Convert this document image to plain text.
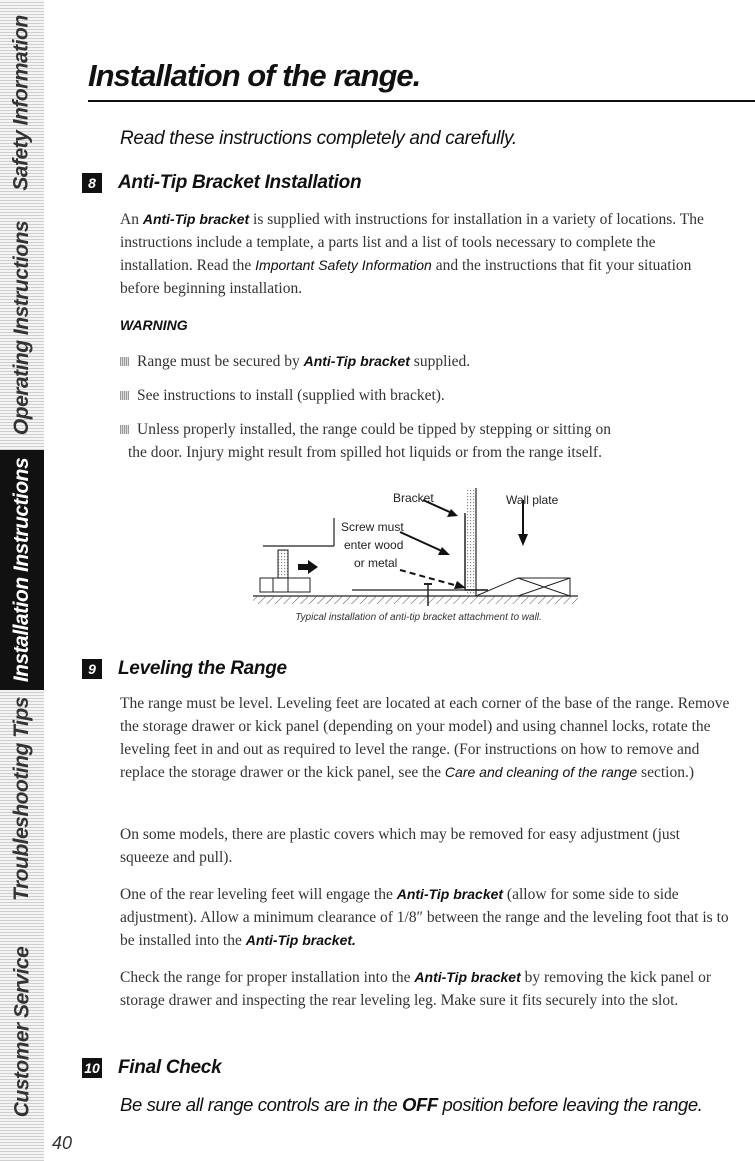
Safety Information
Operating Instructions
Installation Instructions
Troubleshooting Tips
Customer Service
40
Installation of the range.

Read these instructions completely and carefully.

8	Anti-Tip Bracket Installation

An Anti-Tip bracket is supplied with instructions for installation in a variety of locations. The instructions include a template, a parts list and a list of tools necessary to complete the installation. Read the Important Safety Information and the instructions that fit your situation before beginning installation.

WARNING

Range must be secured by Anti-Tip bracket supplied.

See instructions to install (supplied with bracket).

Unless properly installed, the range could be tipped by stepping or sitting on
the door. Injury might result from spilled hot liquids or from the range itself.

Bracket	Wall plate
Screw must
enter wood
or metal

Typical installation of anti-tip bracket attachment to wall.

9	Leveling the Range

The range must be level. Leveling feet are located at each corner of the base of the range. Remove the storage drawer or kick panel (depending on your model) and using channel locks, rotate the leveling feet in and out as required to level the range. (For instructions on how to remove and replace the storage drawer or the kick panel, see the Care and cleaning of the range section.)

On some models, there are plastic covers which may be removed for easy adjustment (just squeeze and pull).

One of the rear leveling feet will engage the Anti-Tip bracket (allow for some side to side adjustment). Allow a minimum clearance of 1/8″ between the range and the leveling foot that is to be installed into the Anti-Tip bracket.

Check the range for proper installation into the Anti-Tip bracket by removing the kick panel or storage drawer and inspecting the rear leveling leg. Make sure it fits securely into the slot.

10 Final Check

Be sure all range controls are in the OFF position before leaving the range.
